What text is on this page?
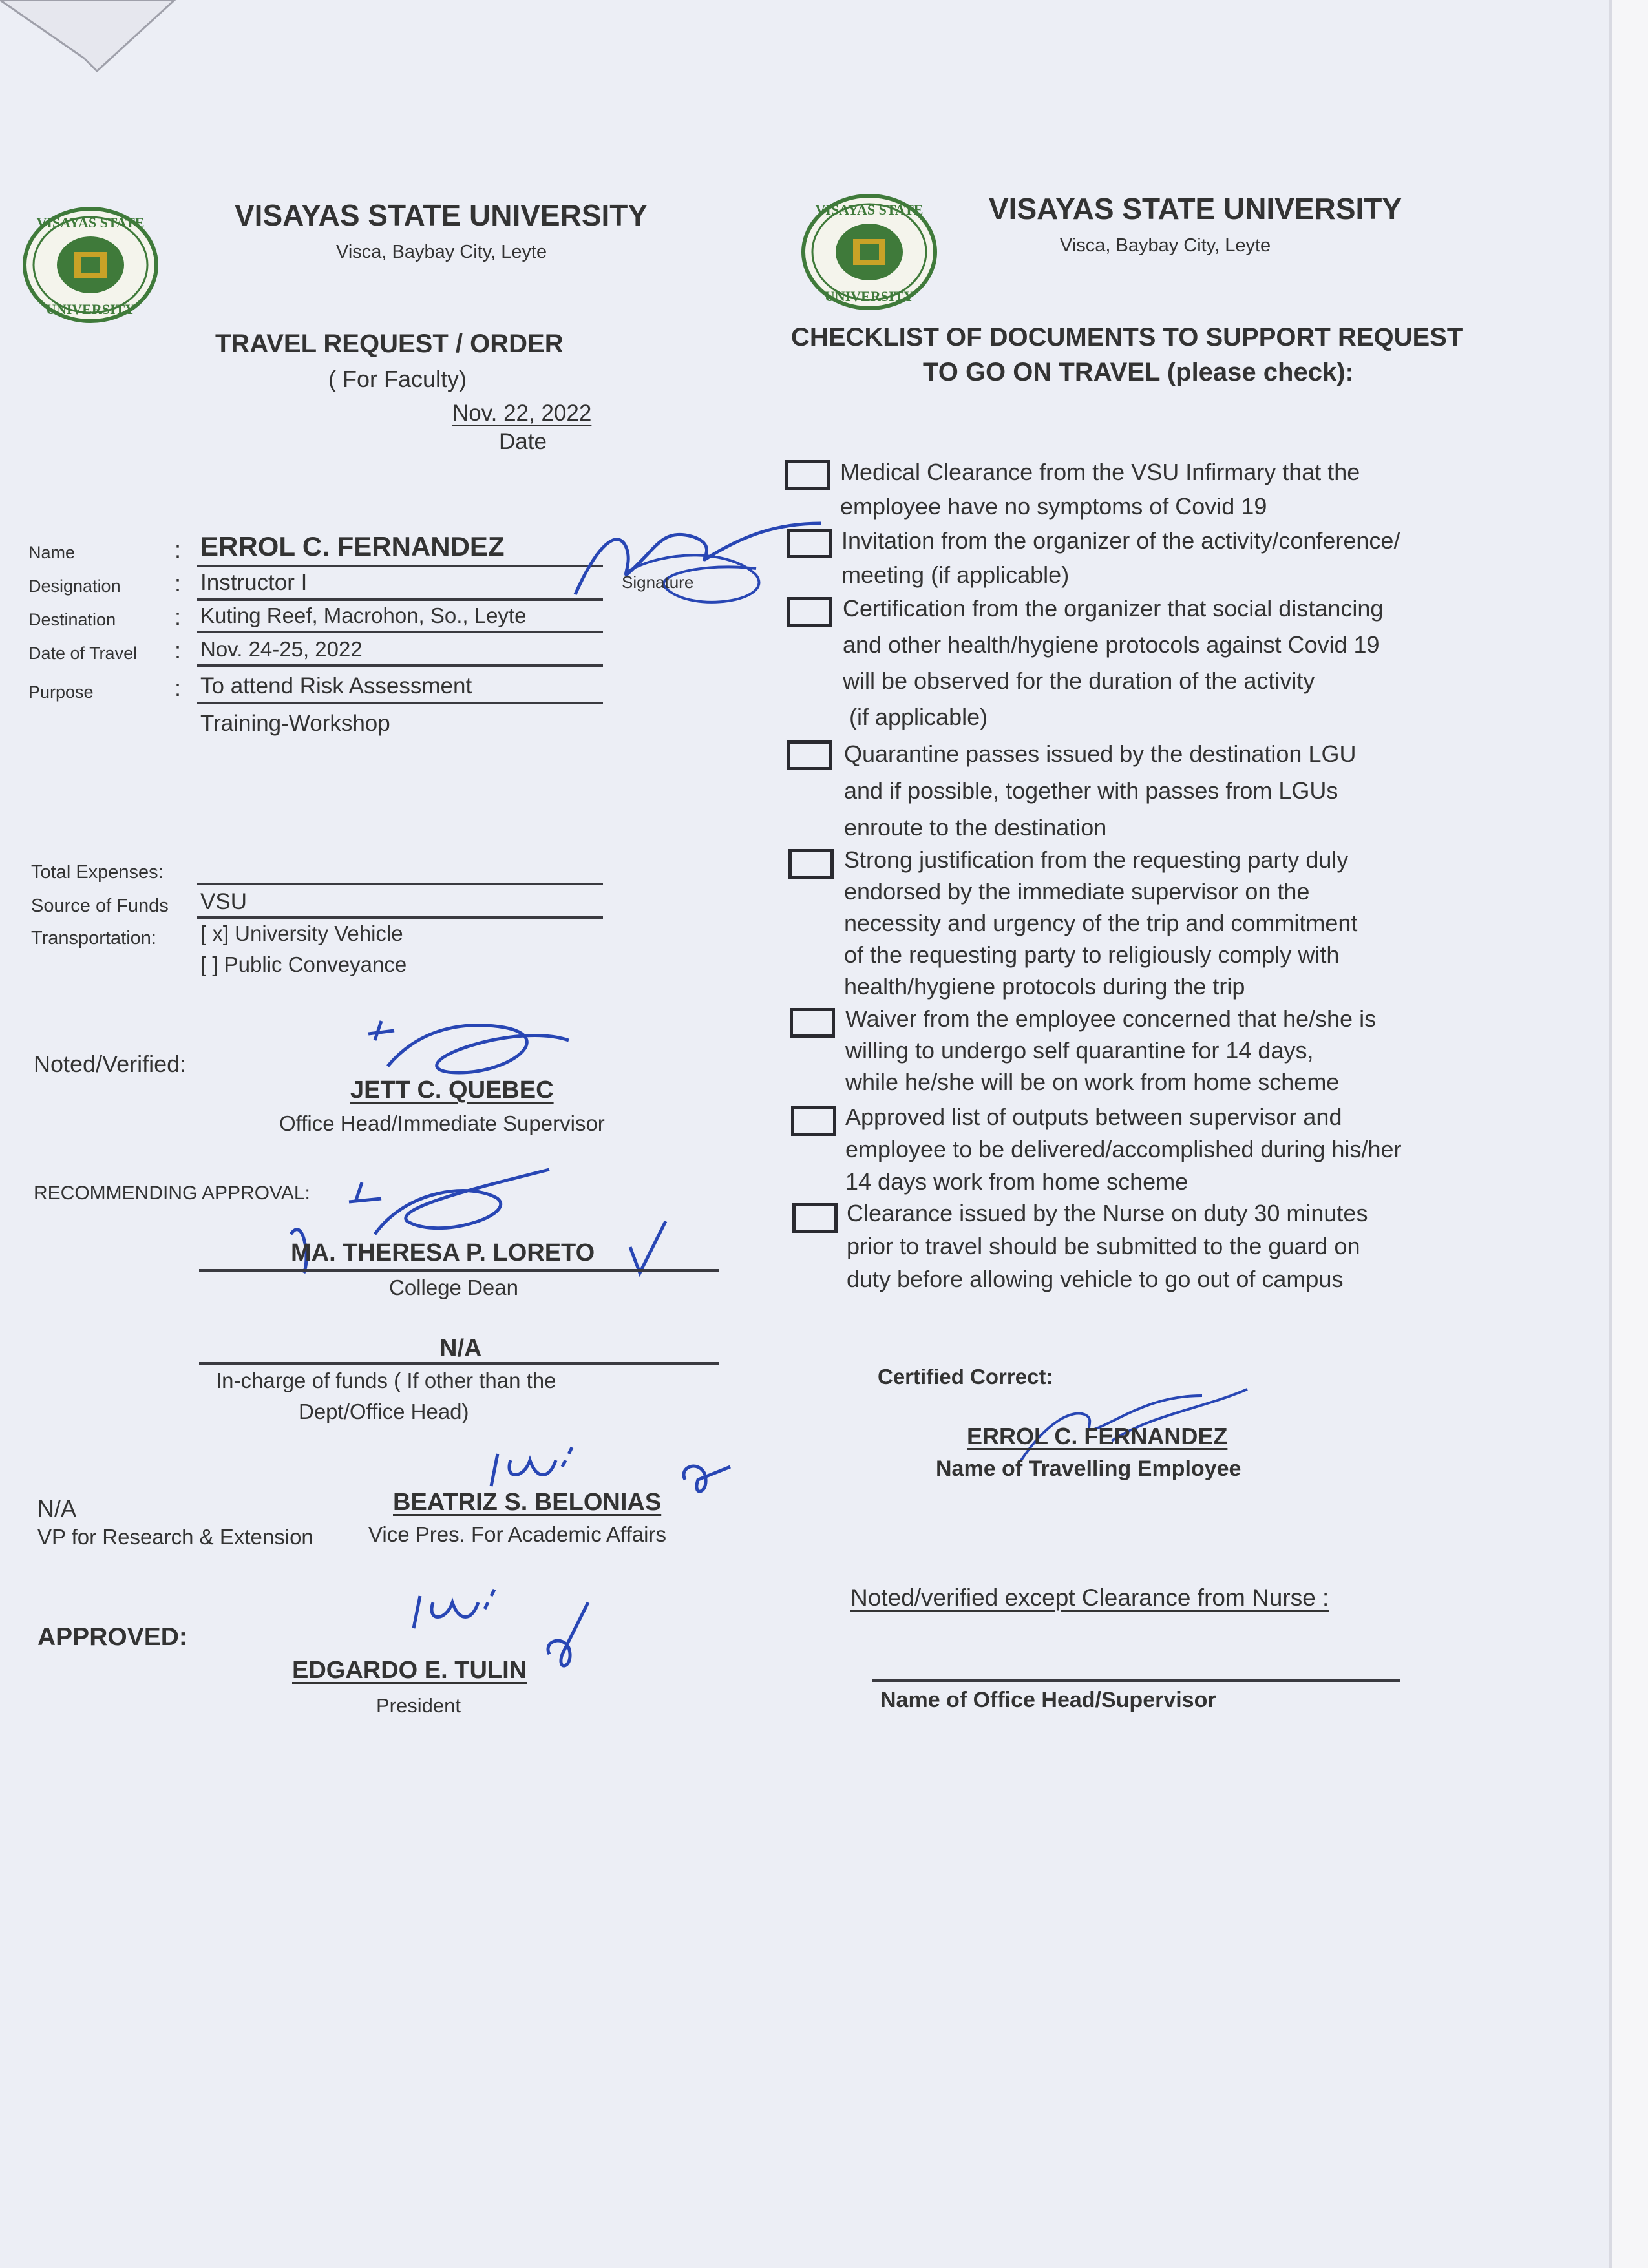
VISAYAS STATE
UNIVERSITY
VISAYAS STATE UNIVERSITY
Visca, Baybay City, Leyte
TRAVEL REQUEST / ORDER
( For Faculty)
Nov. 22, 2022
Date
Name	: ERROL C. FERNANDEZ
Designation : Instructor I
Destination	: Kuting Reef, Macrohon, So., Leyte
Date of Travel : Nov. 24-25, 2022
Purpose	: To attend Risk Assessment
Training-Workshop
Signature
Total Expenses:
Source of Funds VSU
Transportation: [ x] University Vehicle
[ ] Public Conveyance
Noted/Verified:
JETT C. QUEBEC
Office Head/Immediate Supervisor
RECOMMENDING APPROVAL:
MA. THERESA P. LORETO
College Dean
N/A
In-charge of funds ( If other than the
Dept/Office Head)
N/A
VP for Research & Extension
BEATRIZ S. BELONIAS
Vice Pres. For Academic Affairs
APPROVED:
EDGARDO E. TULIN
President
VISAYAS STATE
UNIVERSITY
VISAYAS STATE UNIVERSITY
Visca, Baybay City, Leyte
CHECKLIST OF DOCUMENTS TO SUPPORT REQUEST
TO GO ON TRAVEL (please check):
Medical Clearance from the VSU Infirmary that the
employee have no symptoms of Covid 19
Invitation from the organizer of the activity/conference/
meeting (if applicable)
Certification from the organizer that social distancing
and other health/hygiene protocols against Covid 19
will be observed for the duration of the activity
(if applicable)
Quarantine passes issued by the destination LGU
and if possible, together with passes from LGUs
enroute to the destination
Strong justification from the requesting party duly
endorsed by the immediate supervisor on the
necessity and urgency of the trip and commitment
of the requesting party to religiously comply with
health/hygiene protocols during the trip
Waiver from the employee concerned that he/she is
willing to undergo self quarantine for 14 days,
while he/she will be on work from home scheme
Approved list of outputs between supervisor and
employee to be delivered/accomplished during his/her
14 days work from home scheme
Clearance issued by the Nurse on duty 30 minutes
prior to travel should be submitted to the guard on
duty before allowing vehicle to go out of campus
Certified Correct:
ERROL C. FERNANDEZ
Name of Travelling Employee
Noted/verified except Clearance from Nurse :
Name of Office Head/Supervisor
